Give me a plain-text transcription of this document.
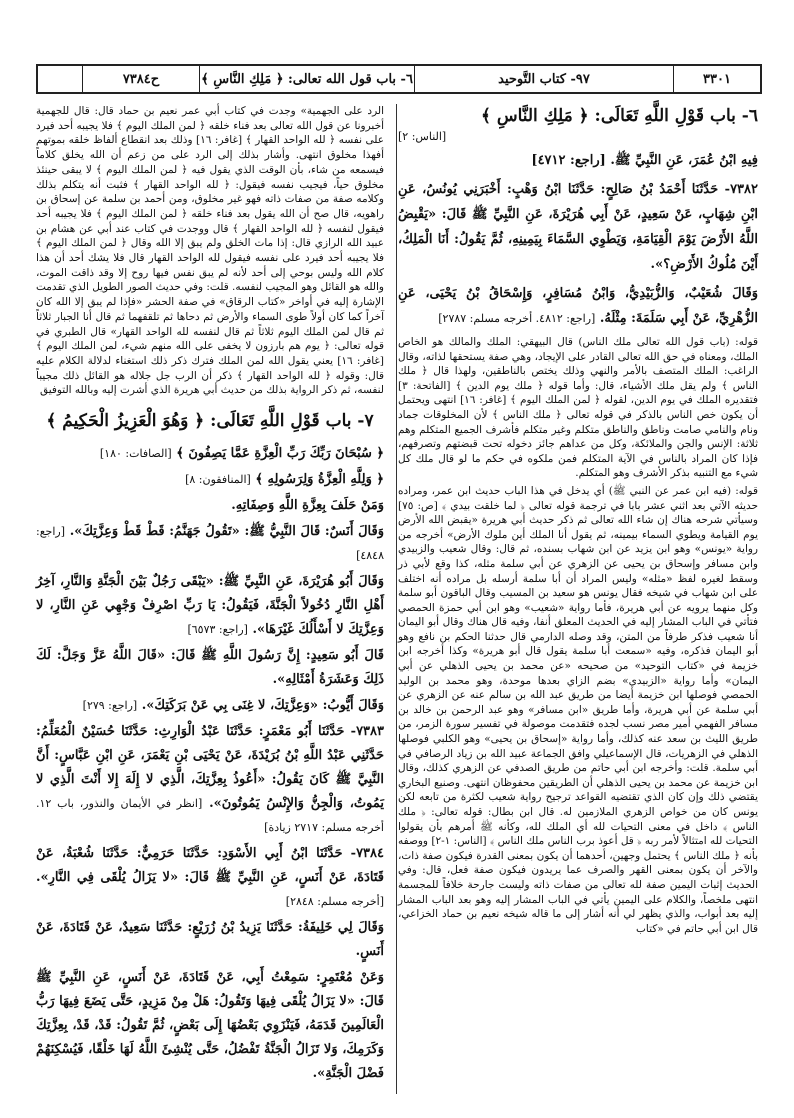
٣٣٠١
٩٧- كتاب التَّوحيد
٦- باب قول الله تعالى: ﴿ مَلِكِ النَّاسِ ﴾
ح٧٣٨٤
٦- باب قَوْلِ اللَّهِ تَعَالَى: ﴿ مَلِكِ النَّاسِ ﴾
[الناس: ٢]
فِيهِ ابْنُ عُمَرَ، عَنِ النَّبِيِّ ﷺ. [راجع: ٤٧١٢]
٧٣٨٢- حَدَّثَنَا أَحْمَدُ بْنُ صَالِحٍ: حَدَّثَنَا ابْنُ وَهْبٍ: أَخْبَرَنِي يُونُسُ، عَنِ ابْنِ شِهَابٍ، عَنْ سَعِيدٍ، عَنْ أَبِي هُرَيْرَةَ، عَنِ النَّبِيِّ ﷺ قَالَ: «يَقْبِضُ اللَّهُ الأَرْضَ يَوْمَ الْقِيَامَةِ، وَيَطْوِي السَّمَاءَ بِيَمِينِهِ، ثُمَّ يَقُولُ: أَنَا الْمَلِكُ، أَيْنَ مُلُوكُ الأَرْضِ؟».
وَقَالَ شُعَيْبٌ، وَالزُّبَيْدِيُّ، وَابْنُ مُسَافِرٍ، وَإِسْحَاقُ بْنُ يَحْيَى، عَنِ الزُّهْرِيِّ، عَنْ أَبِي سَلَمَةَ: مِثْلَهُ. [راجع: ٤٨١٢. أخرجه مسلم: ٢٧٨٧]
قوله: (باب قول الله تعالى ملك الناس) قال البيهقي: الملك والمالك هو الخاص الملك، ومعناه في حق الله تعالى القادر على الإيجاد، وهي صفة يستحقها لذاته، وقال الراغب: الملك المتصف بالأمر والنهي وذلك يختص بالناطقين، ولهذا قال ﴿ ملك الناس ﴾ ولم يقل ملك الأشياء، قال: وأما قوله ﴿ ملك يوم الدين ﴾ [الفاتحة: ٣] فتقديره الملك في يوم الدين، لقوله ﴿ لمن الملك اليوم ﴾ [غافر: ١٦] انتهى ويحتمل أن يكون خص الناس بالذكر في قوله تعالى ﴿ ملك الناس ﴾ لأن المخلوقات جماد ونام والنامي صامت وناطق والناطق متكلم وغير متكلم فأشرف الجميع المتكلم وهم ثلاثة: الإنس والجن والملائكة، وكل من عداهم جائز دخوله تحت قبضتهم وتصرفهم، فإذا كان المراد بالناس في الآية المتكلم فمن ملكوه في حكم ما لو قال ملك كل شيء مع التنبيه بذكر الأشرف وهو المتكلم.
قوله: (فيه ابن عمر عن النبي ﷺ) أي يدخل في هذا الباب حديث ابن عمر، ومراده حديثه الآتي بعد اثني عشر بابا في ترجمة قوله تعالى ﴿ لما خلقت بيدي ﴾ [ص: ٧٥] وسيأتي شرحه هناك إن شاء الله تعالى ثم ذكر حديث أبي هريرة «يقبض الله الأرض يوم القيامة ويطوي السماء بيمينه، ثم يقول أنا الملك أين ملوك الأرض» أخرجه من رواية «يونس» وهو ابن يزيد عن ابن شهاب بسنده، ثم قال: وقال شعيب والزبيدي وابن مسافر وإسحاق بن يحيى عن الزهري عن أبي سلمة مثله، كذا وقع لأبي ذر وسقط لغيره لفظ «مثله» وليس المراد أن أبا سلمة أرسله بل مراده أنه اختلف على ابن شهاب في شيخه فقال يونس هو سعيد بن المسيب وقال الباقون أبو سلمة وكل منهما يرويه عن أبي هريرة، فأما رواية «شعيب» وهو ابن أبي حمزة الحمصي فتأتي في الباب المشار إليه في الحديث المعلق أنفا، وفيه قال هناك وقال أبو اليمان أنا شعيب فذكر طرفاً من المتن، وقد وصله الدارمي قال حدثنا الحكم بن نافع وهو أبو اليمان فذكره، وفيه «سمعت أبا سلمة يقول قال أبو هريرة» وكذا أخرجه ابن خزيمة في «كتاب التوحيد» من صحيحه «عن محمد بن يحيى الذهلي عن أبي اليمان» وأما رواية «الزبيدي» بضم الزاي بعدها موحدة، وهو محمد بن الوليد الحمصي فوصلها ابن خزيمة أيضا من طريق عبد الله بن سالم عنه عن الزهري عن أبي سلمة عن أبي هريرة، وأما طريق «ابن مسافر» وهو عبد الرحمن بن خالد بن مسافر الفهمي أمير مصر نسب لجده فتقدمت موصولة في تفسير سورة الزمر، من طريق الليث بن سعد عنه كذلك، وأما رواية «إسحاق بن يحيى» وهو الكلبي فوصلها الذهلي في الزهريات، قال الإسماعيلي وافق الجماعة عبيد الله بن زياد الرصافي في أبي سلمة. قلت: وأخرجه ابن أبي حاتم من طريق الصدفي عن الزهري كذلك، وقال ابن خزيمة عن محمد بن يحيى الذهلي أن الطريقين محفوظان انتهى. وصنيع البخاري يقتضي ذلك وإن كان الذي تقتضيه القواعد ترجيح رواية شعيب لكثرة من تابعه لكن يونس كان من خواص الزهري الملازمين له. قال ابن بطال: قوله تعالى: ﴿ ملك الناس ﴾ داخل في معنى التحيات لله أي الملك لله، وكأنه ﷺ أمرهم بأن يقولوا التحيات لله امتثالاً لأمر ربه ﴿ قل أعوذ برب الناس ملك الناس ﴾ [الناس: ١-٢] ووصفه بأنه ﴿ ملك الناس ﴾ يحتمل وجهين، أحدهما أن يكون بمعنى القدرة فيكون صفة ذات، والآخر أن يكون بمعنى القهر والصرف عما يريدون فيكون صفة فعل، قال: وفي الحديث إثبات اليمين صفة لله تعالى من صفات ذاته وليست جارحة خلافاً للمجسمة انتهى ملخصاً، والكلام على اليمين يأتي في الباب المشار إليه وهو بعد الباب المشار إليه بعد أبواب، والذي يظهر لي أنه أشار إلى ما قاله شيخه نعيم بن حماد الخزاعي، قال ابن أبي حاتم في «كتاب
الرد على الجهمية» وجدت في كتاب أبي عمر نعيم بن حماد قال: قال للجهمية أخبرونا عن قول الله تعالى بعد فناء خلقه ﴿ لمن الملك اليوم ﴾ فلا يجيبه أحد فيرد على نفسه ﴿ لله الواحد القهار ﴾ [غافر: ١٦] وذلك بعد انقطاع ألفاظ خلقه بموتهم أفهذا مخلوق انتهى. وأشار بذلك إلى الرد على من زعم أن الله يخلق كلاماً فيسمعه من شاء، بأن الوقت الذي يقول فيه ﴿ لمن الملك اليوم ﴾ لا يبقى حينئذ مخلوق حياً، فيجيب نفسه فيقول: ﴿ لله الواحد القهار ﴾ فثبت أنه يتكلم بذلك وكلامه صفة من صفات ذاته فهو غير مخلوق، ومن أحمد بن سلمة عن إسحاق بن راهويه، قال صح أن الله يقول بعد فناء خلقه ﴿ لمن الملك اليوم ﴾ فلا يجيبه أحد فيقول لنفسه ﴿ لله الواحد القهار ﴾ قال ووجدت في كتاب عند أبي عن هشام بن عبيد الله الرازي قال: إذا مات الخلق ولم يبق إلا الله وقال ﴿ لمن الملك اليوم ﴾ فلا يجيبه أحد فيرد على نفسه فيقول لله الواحد القهار قال فلا يشك أحد أن هذا كلام الله وليس بوحي إلى أحد لأنه لم يبق نفس فيها روح إلا وقد ذاقت الموت، والله هو القائل وهو المجيب لنفسه. قلت: وفي حديث الصور الطويل الذي تقدمت الإشارة إليه في أواخر «كتاب الرقاق» في صفة الحشر «فإذا لم يبق إلا الله كان آخراً كما كان أولاً طوى السماء والأرض ثم دحاها ثم تلقفهما ثم قال أنا الجبار ثلاثاً ثم قال لمن الملك اليوم ثلاثاً ثم قال لنفسه لله الواحد القهار» قال الطبري في قوله تعالى: ﴿ يوم هم بارزون لا يخفى على الله منهم شيء، لمن الملك اليوم ﴾ [غافر: ١٦] يعني يقول الله لمن الملك فترك ذكر ذلك استغناء لدلالة الكلام عليه قال: وقوله ﴿ لله الواحد القهار ﴾ ذكر أن الرب جل جلاله هو القائل ذلك مجيباً لنفسه، ثم ذكر الرواية بذلك من حديث أبي هريرة الذي أشرت إليه وبالله التوفيق
٧- باب قَوْلِ اللَّهِ تَعَالَى: ﴿ وَهُوَ الْعَزِيزُ الْحَكِيمُ ﴾
﴿ سُبْحَانَ رَبِّكَ رَبِّ الْعِزَّةِ عَمَّا يَصِفُونَ ﴾ [الصافات: ١٨٠]
﴿ وَلِلَّهِ الْعِزَّةُ وَلِرَسُولِهِ ﴾ [المنافقون: ٨]
وَمَنْ حَلَفَ بِعِزَّةِ اللَّهِ وَصِفَاتِهِ.
وَقَالَ أَنَسٌ: قَالَ النَّبِيُّ ﷺ: «تَقُولُ جَهَنَّمُ: قَطْ قَطْ وَعِزَّتِكَ». [راجع: ٤٨٤٨]
وَقَالَ أَبُو هُرَيْرَةَ، عَنِ النَّبِيِّ ﷺ: «يَبْقَى رَجُلٌ بَيْنَ الْجَنَّةِ وَالنَّارِ، آخِرُ أَهْلِ النَّارِ دُخُولاً الْجَنَّةَ، فَيَقُولُ: يَا رَبِّ اصْرِفْ وَجْهِي عَنِ النَّارِ، لا وَعِزَّتِكَ لا أَسْأَلُكَ غَيْرَهَا». [راجع: ٦٥٧٣]
قَالَ أَبُو سَعِيدٍ: إِنَّ رَسُولَ اللَّهِ ﷺ قَالَ: «قَالَ اللَّهُ عَزَّ وَجَلَّ: لَكَ ذَلِكَ وَعَشَرَةُ أَمْثَالِهِ».
وَقَالَ أَيُّوبُ: «وَعِزَّتِكَ، لا غِنَى بِي عَنْ بَرَكَتِكَ». [راجع: ٢٧٩]
٧٣٨٣- حَدَّثَنَا أَبُو مَعْمَرٍ: حَدَّثَنَا عَبْدُ الْوَارِثِ: حَدَّثَنَا حُسَيْنٌ الْمُعَلِّمُ: حَدَّثَنِي عَبْدُ اللَّهِ بْنُ بُرَيْدَةَ، عَنْ يَحْيَى بْنِ يَعْمَرَ، عَنِ ابْنِ عَبَّاسٍ: أَنَّ النَّبِيَّ ﷺ كَانَ يَقُولُ: «أَعُوذُ بِعِزَّتِكَ، الَّذِي لا إِلَهَ إِلا أَنْتَ الَّذِي لا يَمُوتُ، وَالْجِنُّ وَالإِنْسُ يَمُوتُونَ». [انظر في الأيمان والنذور، باب ١٢. أخرجه مسلم: ٢٧١٧ زيادة]
٧٣٨٤- حَدَّثَنَا ابْنُ أَبِي الأَسْوَدِ: حَدَّثَنَا حَرَمِيٌّ: حَدَّثَنَا شُعْبَةُ، عَنْ قَتَادَةَ، عَنْ أَنَسٍ، عَنِ النَّبِيِّ ﷺ قَالَ: «لا يَزَالُ يُلْقَى فِي النَّارِ». [أخرجه مسلم: ٢٨٤٨]
وَقَالَ لِي خَلِيفَةُ: حَدَّثَنَا يَزِيدُ بْنُ زُرَيْعٍ: حَدَّثَنَا سَعِيدٌ، عَنْ قَتَادَةَ، عَنْ أَنَسٍ.
وَعَنْ مُعْتَمِرٍ: سَمِعْتُ أَبِي، عَنْ قَتَادَةَ، عَنْ أَنَسٍ، عَنِ النَّبِيِّ ﷺ قَالَ: «لا يَزَالُ يُلْقَى فِيهَا وَتَقُولُ: هَلْ مِنْ مَزِيدٍ، حَتَّى يَضَعَ فِيهَا رَبُّ الْعَالَمِينَ قَدَمَهُ، فَيَنْزَوِي بَعْضُهَا إِلَى بَعْضٍ، ثُمَّ تَقُولُ: قَدْ، قَدْ، بِعِزَّتِكَ وَكَرَمِكَ، وَلا تَزَالُ الْجَنَّةُ تَفْضُلُ، حَتَّى يُنْشِئَ اللَّهُ لَهَا خَلْقًا، فَيُسْكِنَهُمْ فَضْلَ الْجَنَّةِ».
